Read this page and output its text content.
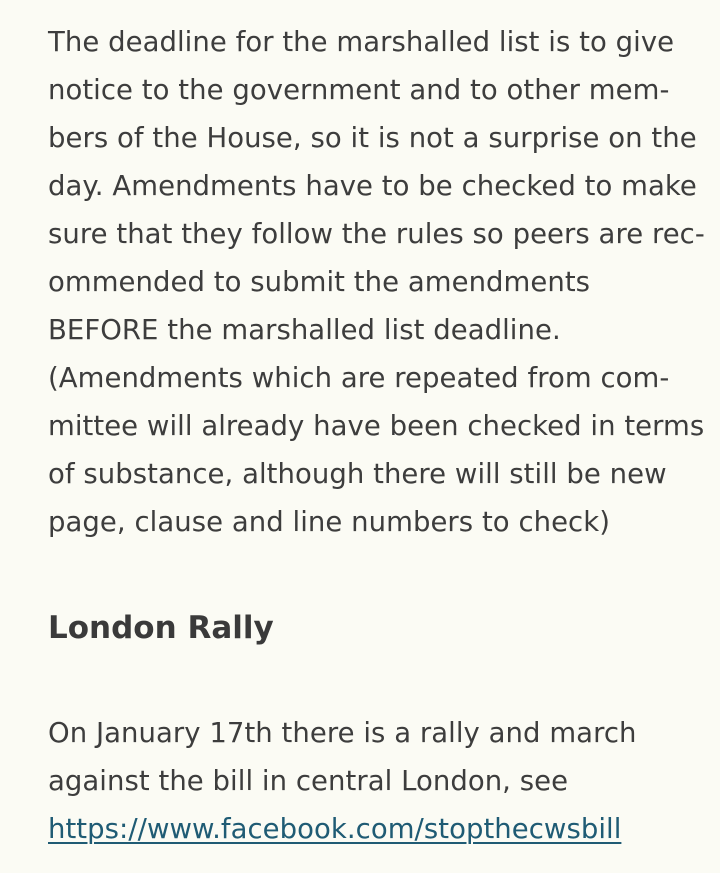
The deadline for the marshalled list is to give
notice to the government and to other mem-
bers of the House, so it is not a surprise on the
day. Amendments have to be checked to make
sure that they follow the rules so peers are rec-
ommended to submit the amendments
BEFORE the marshalled list deadline.
(Amendments which are repeated from com-
mittee will already have been checked in terms
of substance, although there will still be new
page, clause and line numbers to check)
London Rally
On January 17th there is a rally and march
against the bill in central London, see
https://www.facebook.com/stopthecwsbill
